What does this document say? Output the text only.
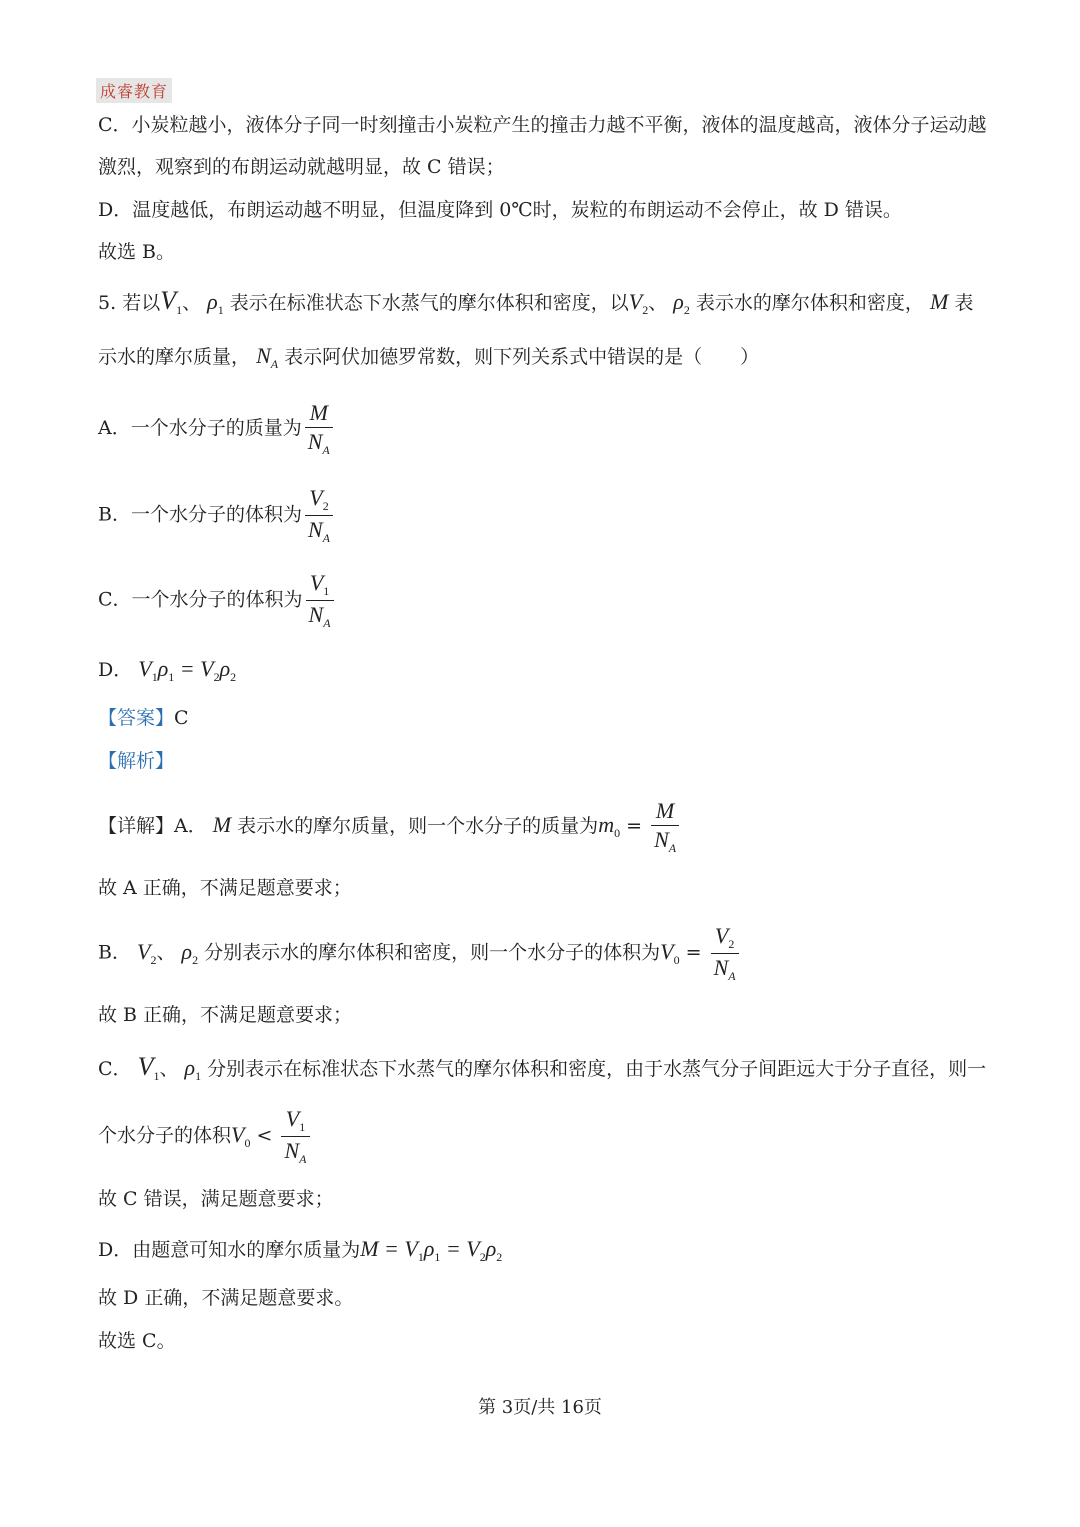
成睿教育
C．小炭粒越小，液体分子同一时刻撞击小炭粒产生的撞击力越不平衡，液体的温度越高，液体分子运动越
激烈，观察到的布朗运动就越明显，故 C 错误；
D．温度越低，布朗运动越不明显，但温度降到 0℃时，炭粒的布朗运动不会停止，故 D 错误。
故选 B。
5. 若以$V_1$、 $\rho_1$ 表示在标准状态下水蒸气的摩尔体积和密度，以$V_2$、 $\rho_2$ 表示水的摩尔体积和密度， M 表
示水的摩尔质量， $N_A$ 表示阿伏加德罗常数，则下列关系式中错误的是（　　）
A．一个水分子的质量为 $\frac{M}{N_A}$
B．一个水分子的体积为 $\frac{V_2}{N_A}$
C．一个水分子的体积为 $\frac{V_1}{N_A}$
D． $V_1\rho_1 = V_2\rho_2$
【答案】C
【解析】
【详解】A． M 表示水的摩尔质量，则一个水分子的质量为$m_0 = \frac{M}{N_A}$
故 A 正确，不满足题意要求；
B． $V_2$、 $\rho_2$ 分别表示水的摩尔体积和密度，则一个水分子的体积为$V_0 = \frac{V_2}{N_A}$
故 B 正确，不满足题意要求；
C． $V_1$、 $\rho_1$ 分别表示在标准状态下水蒸气的摩尔体积和密度，由于水蒸气分子间距远大于分子直径，则一
个水分子的体积$V_0 < \frac{V_1}{N_A}$
故 C 错误，满足题意要求；
D．由题意可知水的摩尔质量为$M = V_1\rho_1 = V_2\rho_2$
故 D 正确，不满足题意要求。
故选 C。
第 3页/共 16页
